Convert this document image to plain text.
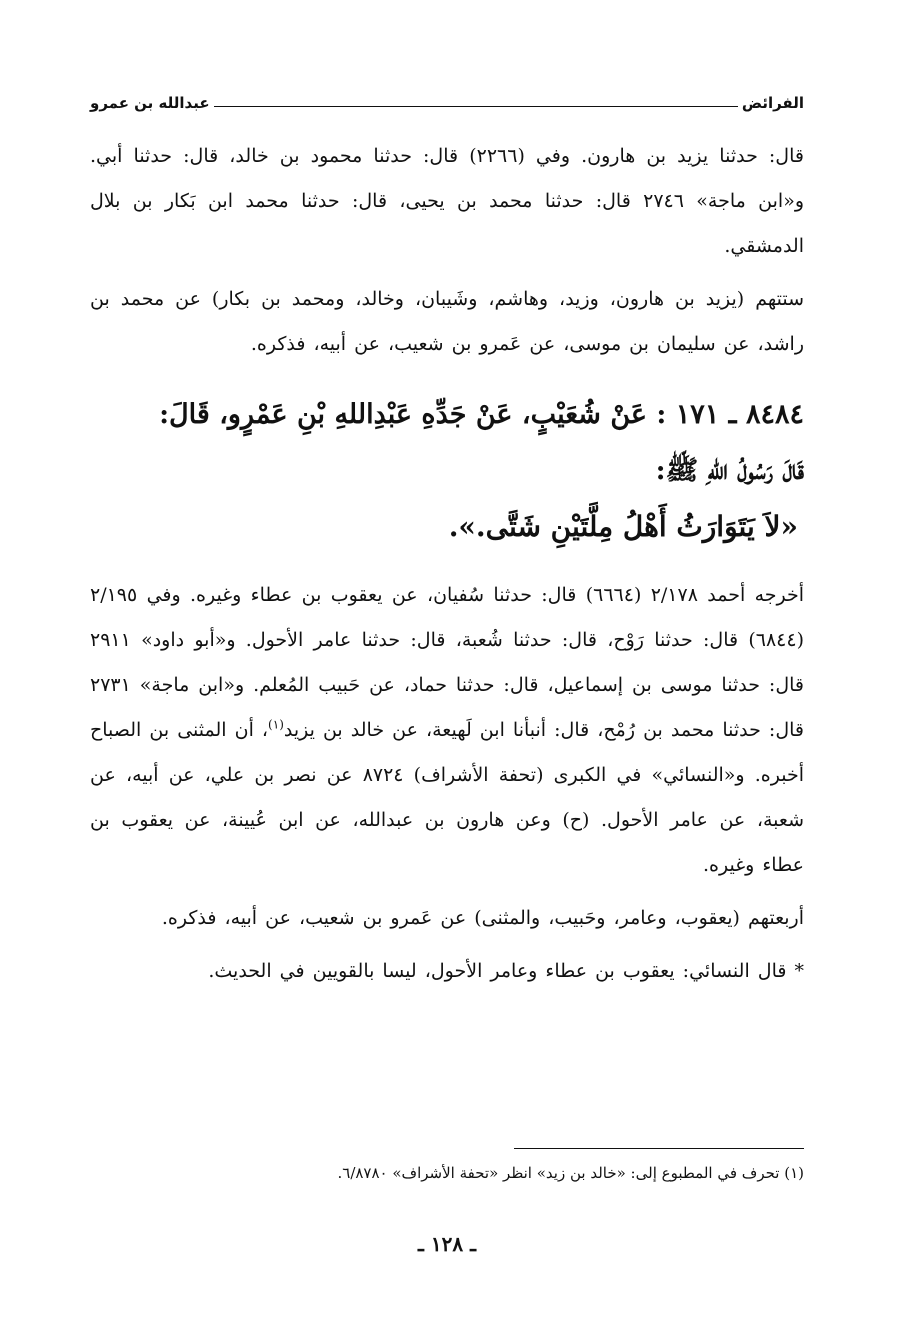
الفرائض
عبدالله بن عمرو

قال: حدثنا يزيد بن هارون. وفي (٢٢٦٦) قال: حدثنا محمود بن خالد، قال: حدثنا أبي. و«ابن ماجة» ٢٧٤٦ قال: حدثنا محمد بن يحيى، قال: حدثنا محمد ابن بَكار بن بلال الدمشقي.

ستتهم (يزيد بن هارون، وزيد، وهاشم، وشَيبان، وخالد، ومحمد بن بكار) عن محمد بن راشد، عن سليمان بن موسى، عن عَمرو بن شعيب، عن أبيه، فذكره.

٨٤٨٤ ـ ١٧١ : عَنْ شُعَيْبٍ، عَنْ جَدِّهِ عَبْدِاللهِ بْنِ عَمْرٍو، قَالَ:
قَالَ رَسُولُ اللهِ ﷺ:
«لاَ يَتَوَارَثُ أَهْلُ مِلَّتَيْنِ شَتَّى.».

أخرجه أحمد ٢/١٧٨ (٦٦٦٤) قال: حدثنا سُفيان، عن يعقوب بن عطاء وغيره. وفي ٢/١٩٥ (٦٨٤٤) قال: حدثنا رَوْح، قال: حدثنا شُعبة، قال: حدثنا عامر الأحول. و«أبو داود» ٢٩١١ قال: حدثنا موسى بن إسماعيل، قال: حدثنا حماد، عن حَبيب المُعلم. و«ابن ماجة» ٢٧٣١ قال: حدثنا محمد بن رُمْح، قال: أنبأنا ابن لَهيعة، عن خالد بن يزيد$^{(١)}$، أن المثنى بن الصباح أخبره. و«النسائي» في الكبرى (تحفة الأشراف) ٨٧٢٤ عن نصر بن علي، عن أبيه، عن شعبة، عن عامر الأحول. (ح) وعن هارون بن عبدالله، عن ابن عُيينة، عن يعقوب بن عطاء وغيره.

أربعتهم (يعقوب، وعامر، وحَبيب، والمثنى) عن عَمرو بن شعيب، عن أبيه، فذكره.

* قال النسائي: يعقوب بن عطاء وعامر الأحول، ليسا بالقويين في الحديث.

(١) تحرف في المطبوع إلى: «خالد بن زيد» انظر «تحفة الأشراف» ٦/٨٧٨٠.
ـ ١٢٨ ـ
